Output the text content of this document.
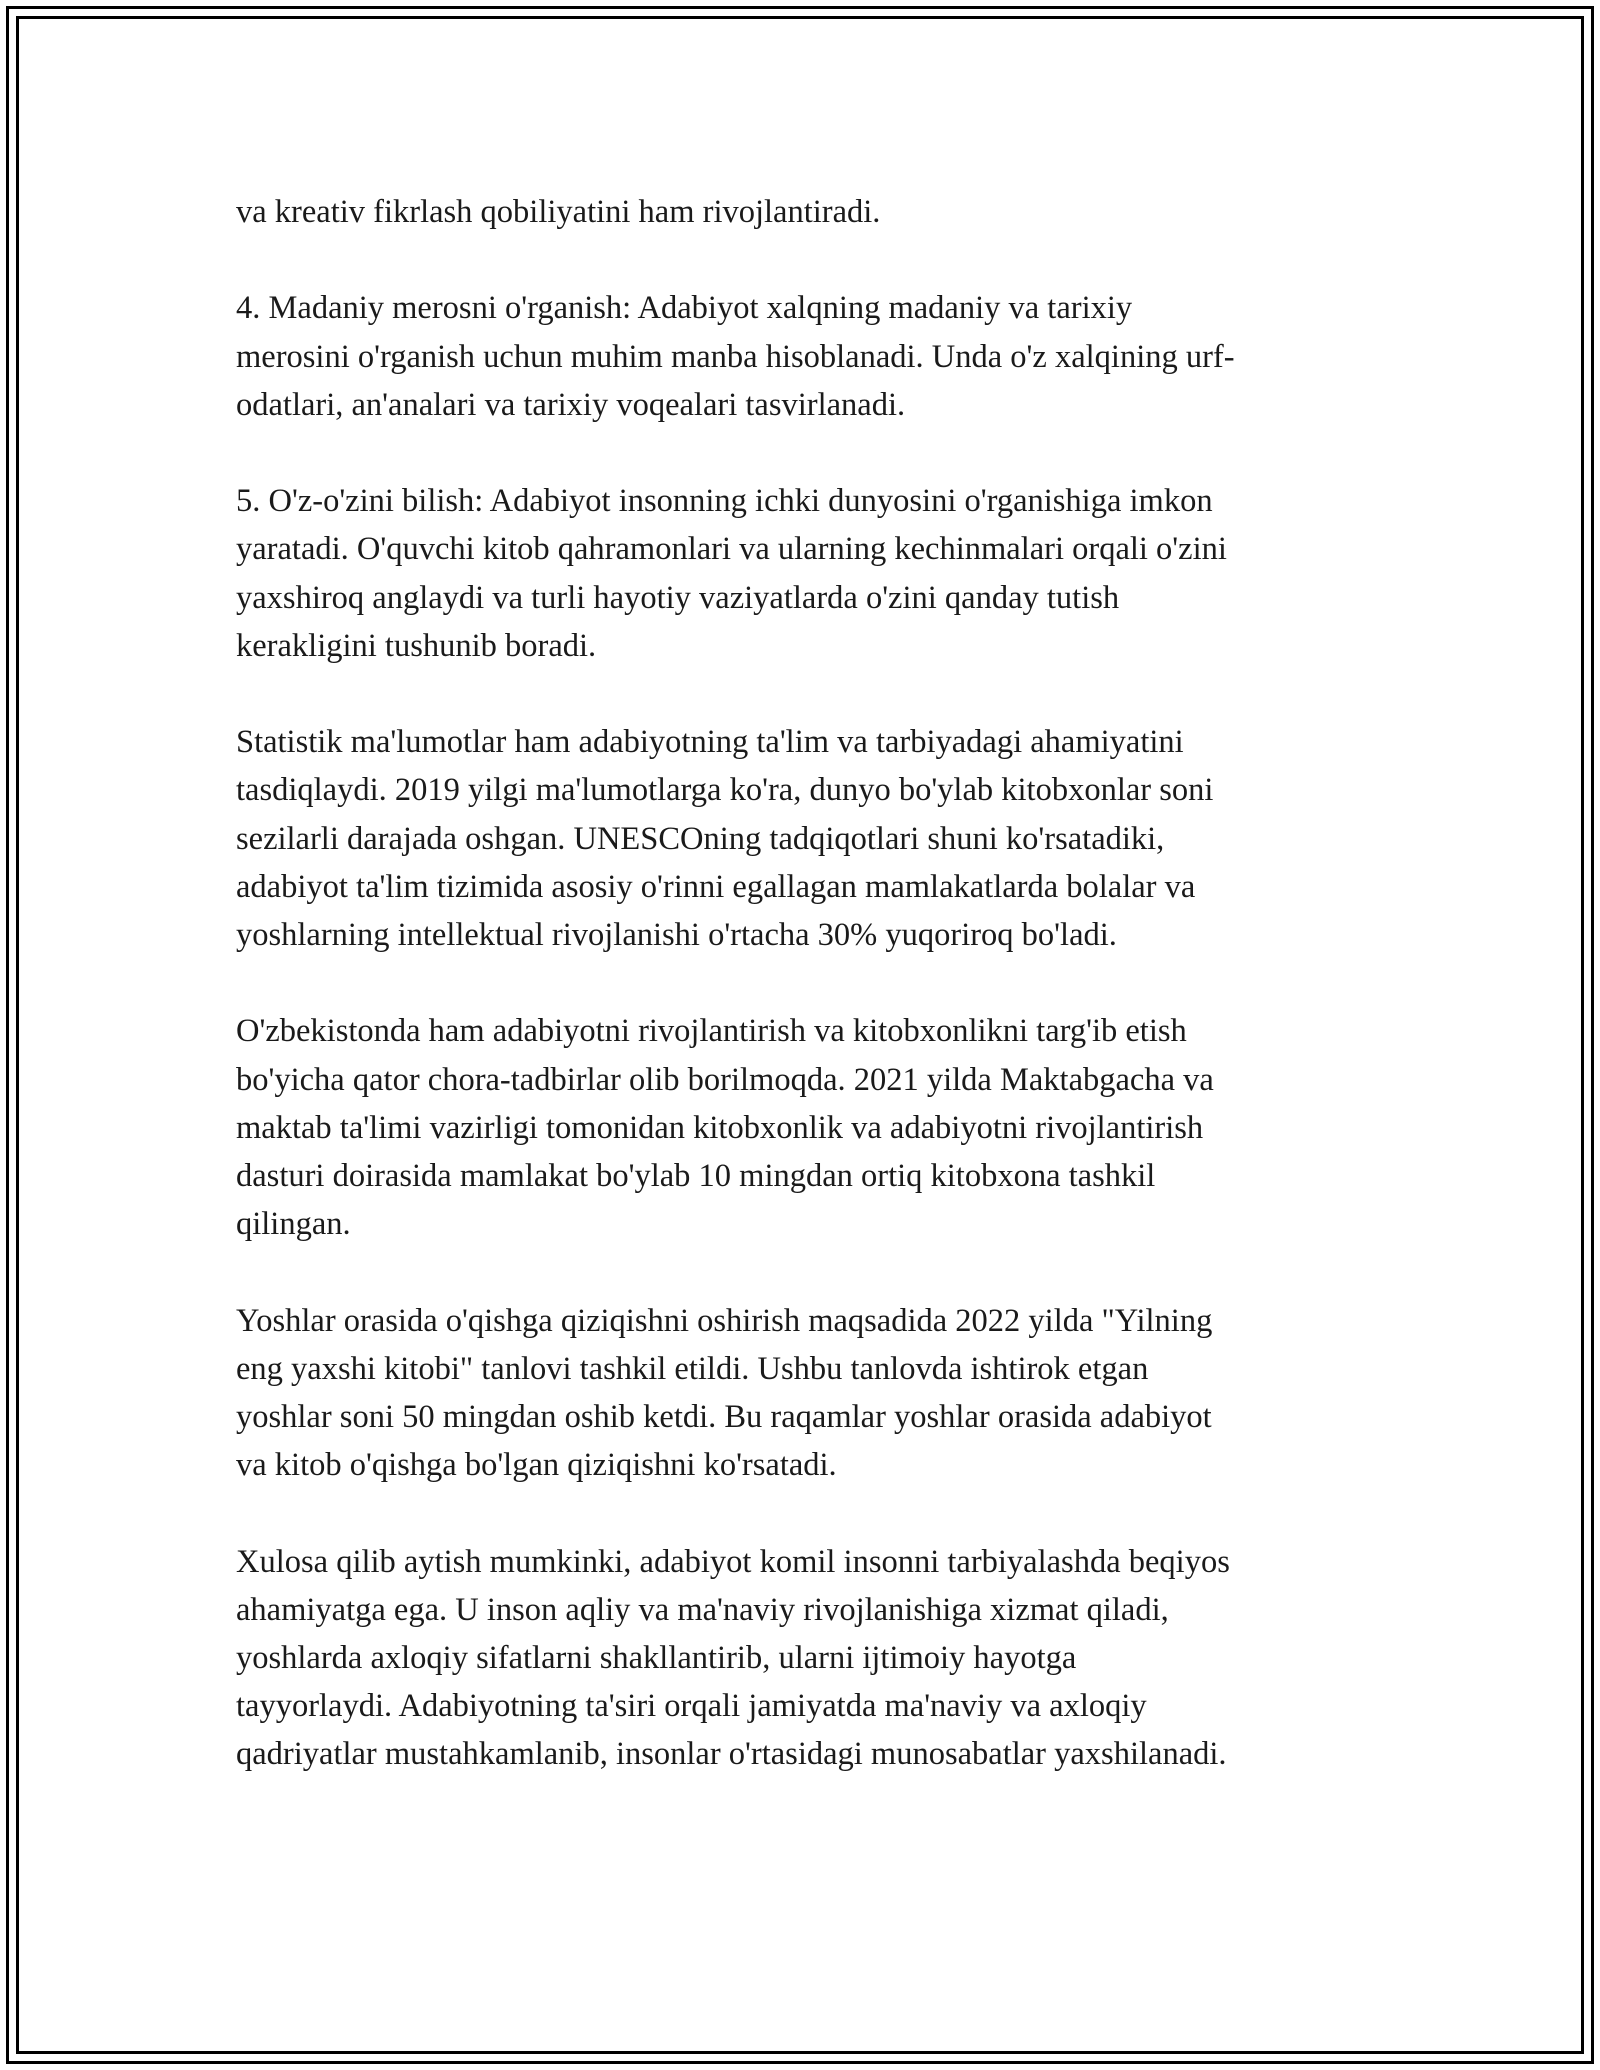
va kreativ fikrlash qobiliyatini ham rivojlantiradi.

4. Madaniy merosni o'rganish: Adabiyot xalqning madaniy va tarixiy
merosini o'rganish uchun muhim manba hisoblanadi. Unda o'z xalqining urf-
odatlari, an'analari va tarixiy voqealari tasvirlanadi.

5. O'z-o'zini bilish: Adabiyot insonning ichki dunyosini o'rganishiga imkon
yaratadi. O'quvchi kitob qahramonlari va ularning kechinmalari orqali o'zini
yaxshiroq anglaydi va turli hayotiy vaziyatlarda o'zini qanday tutish
kerakligini tushunib boradi.

Statistik ma'lumotlar ham adabiyotning ta'lim va tarbiyadagi ahamiyatini
tasdiqlaydi. 2019 yilgi ma'lumotlarga ko'ra, dunyo bo'ylab kitobxonlar soni
sezilarli darajada oshgan. UNESCOning tadqiqotlari shuni ko'rsatadiki,
adabiyot ta'lim tizimida asosiy o'rinni egallagan mamlakatlarda bolalar va
yoshlarning intellektual rivojlanishi o'rtacha 30% yuqoriroq bo'ladi.

O'zbekistonda ham adabiyotni rivojlantirish va kitobxonlikni targ'ib etish
bo'yicha qator chora-tadbirlar olib borilmoqda. 2021 yilda Maktabgacha va
maktab ta'limi vazirligi tomonidan kitobxonlik va adabiyotni rivojlantirish
dasturi doirasida mamlakat bo'ylab 10 mingdan ortiq kitobxona tashkil
qilingan.

Yoshlar orasida o'qishga qiziqishni oshirish maqsadida 2022 yilda "Yilning
eng yaxshi kitobi" tanlovi tashkil etildi. Ushbu tanlovda ishtirok etgan
yoshlar soni 50 mingdan oshib ketdi. Bu raqamlar yoshlar orasida adabiyot
va kitob o'qishga bo'lgan qiziqishni ko'rsatadi.

Xulosa qilib aytish mumkinki, adabiyot komil insonni tarbiyalashda beqiyos
ahamiyatga ega. U inson aqliy va ma'naviy rivojlanishiga xizmat qiladi,
yoshlarda axloqiy sifatlarni shakllantirib, ularni ijtimoiy hayotga
tayyorlaydi. Adabiyotning ta'siri orqali jamiyatda ma'naviy va axloqiy
qadriyatlar mustahkamlanib, insonlar o'rtasidagi munosabatlar yaxshilanadi.
